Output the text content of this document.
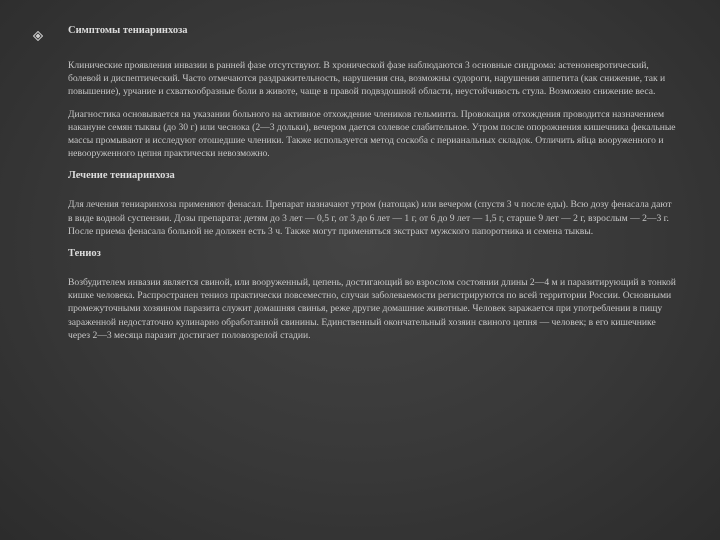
Симптомы тениаринхоза

Клинические проявления инвазии в ранней фазе отсутствуют. В хронической фазе наблюдаются 3 основные синдрома: астеноневротический, болевой и диспептический. Часто отмечаются раздражительность, нарушения сна, возможны судороги, нарушения аппетита (как снижение, так и повышение), урчание и схваткообразные боли в животе, чаще в правой подвздошной области, неустойчивость стула. Возможно снижение веса.

Диагностика основывается на указании больного на активное отхождение члеников гельминта. Провокация отхождения проводится назначением накануне семян тыквы (до 30 г) или чеснока (2—3 дольки), вечером дается солевое слабительное. Утром после опорожнения кишечника фекальные массы промывают и исследуют отошедшие членики. Также используется метод соскоба с перианальных складок. Отличить яйца вооруженного и невооруженного цепня практически невозможно.

Лечение тениаринхоза

Для лечения тениаринхоза применяют фенасал. Препарат назначают утром (натощак) или вечером (спустя 3 ч после еды). Всю дозу фенасала дают в виде водной суспензии. Дозы препарата: детям до 3 лет — 0,5 г, от 3 до 6 лет — 1 г, от 6 до 9 лет — 1,5 г, старше 9 лет — 2 г, взрослым — 2—3 г. После приема фенасала больной не должен есть 3 ч. Также могут применяться экстракт мужского папоротника и семена тыквы.

Тениоз

Возбудителем инвазии является свиной, или вооруженный, цепень, достигающий во взрослом состоянии длины 2—4 м и паразитирующий в тонкой кишке человека. Распространен тениоз практически повсеместно, случаи заболеваемости регистрируются по всей территории России. Основными промежуточными хозяином паразита служит домашняя свинья, реже другие домашние животные. Человек заражается при употреблении в пищу зараженной недостаточно кулинарно обработанной свинины. Единственный окончательный хозяин свиного цепня — человек; в его кишечнике через 2—3 месяца паразит достигает половозрелой стадии.
